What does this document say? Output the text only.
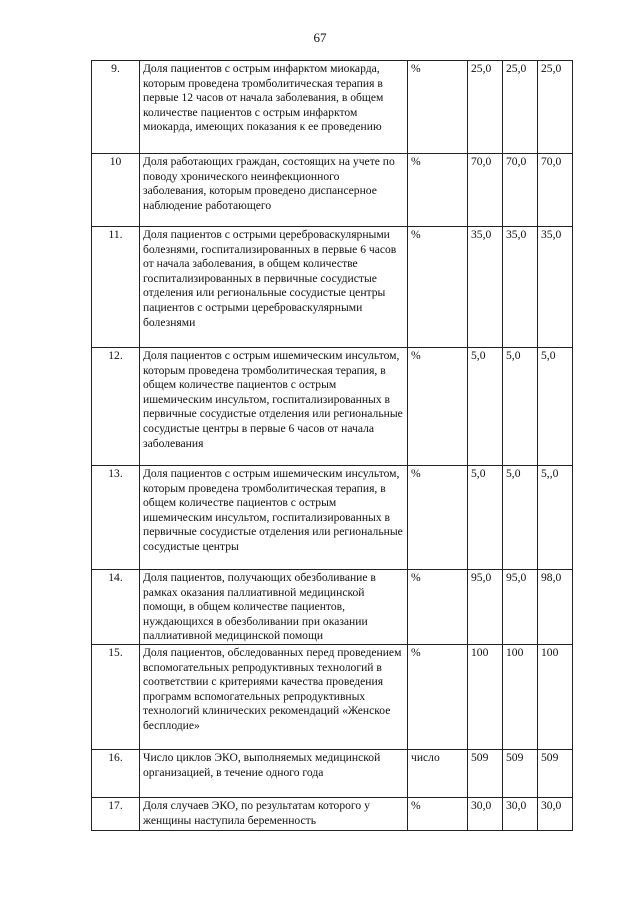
67
9.	Доля пациентов с острым инфарктом миокарда, которым проведена тромболитическая терапия в первые 12 часов от начала заболевания, в общем количестве пациентов с острым инфарктом миокарда, имеющих показания к ее проведению	%	25,0	25,0	25,0
10	Доля работающих граждан, состоящих на учете по поводу хронического неинфекционного заболевания, которым проведено диспансерное наблюдение работающего	%	70,0	70,0	70,0
11.	Доля пациентов с острыми цереброваскулярными болезнями, госпитализированных в первые 6 часов от начала заболевания, в общем количестве госпитализированных в первичные сосудистые отделения или региональные сосудистые центры пациентов с острыми цереброваскулярными болезнями	%	35,0	35,0	35,0
12.	Доля пациентов с острым ишемическим инсультом, которым проведена тромболитическая терапия, в общем количестве пациентов с острым ишемическим инсультом, госпитализированных в первичные сосудистые отделения или региональные сосудистые центры в первые 6 часов от начала заболевания	%	5,0	5,0	5,0
13.	Доля пациентов с острым ишемическим инсультом, которым проведена тромболитическая терапия, в общем количестве пациентов с острым ишемическим инсультом, госпитализированных в первичные сосудистые отделения или региональные сосудистые центры	%	5,0	5,0	5,,0
14.	Доля пациентов, получающих обезболивание в рамках оказания паллиативной медицинской помощи, в общем количестве пациентов, нуждающихся в обезболивании при оказании паллиативной медицинской помощи	%	95,0	95,0	98,0
15.	Доля пациентов, обследованных перед проведением вспомогательных репродуктивных технологий в соответствии с критериями качества проведения программ вспомогательных репродуктивных технологий клинических рекомендаций «Женское бесплодие»	%	100	100	100
16.	Число циклов ЭКО, выполняемых медицинской организацией, в течение одного года	число	509	509	509
17.	Доля случаев ЭКО, по результатам которого у женщины наступила беременность	%	30,0	30,0	30,0
